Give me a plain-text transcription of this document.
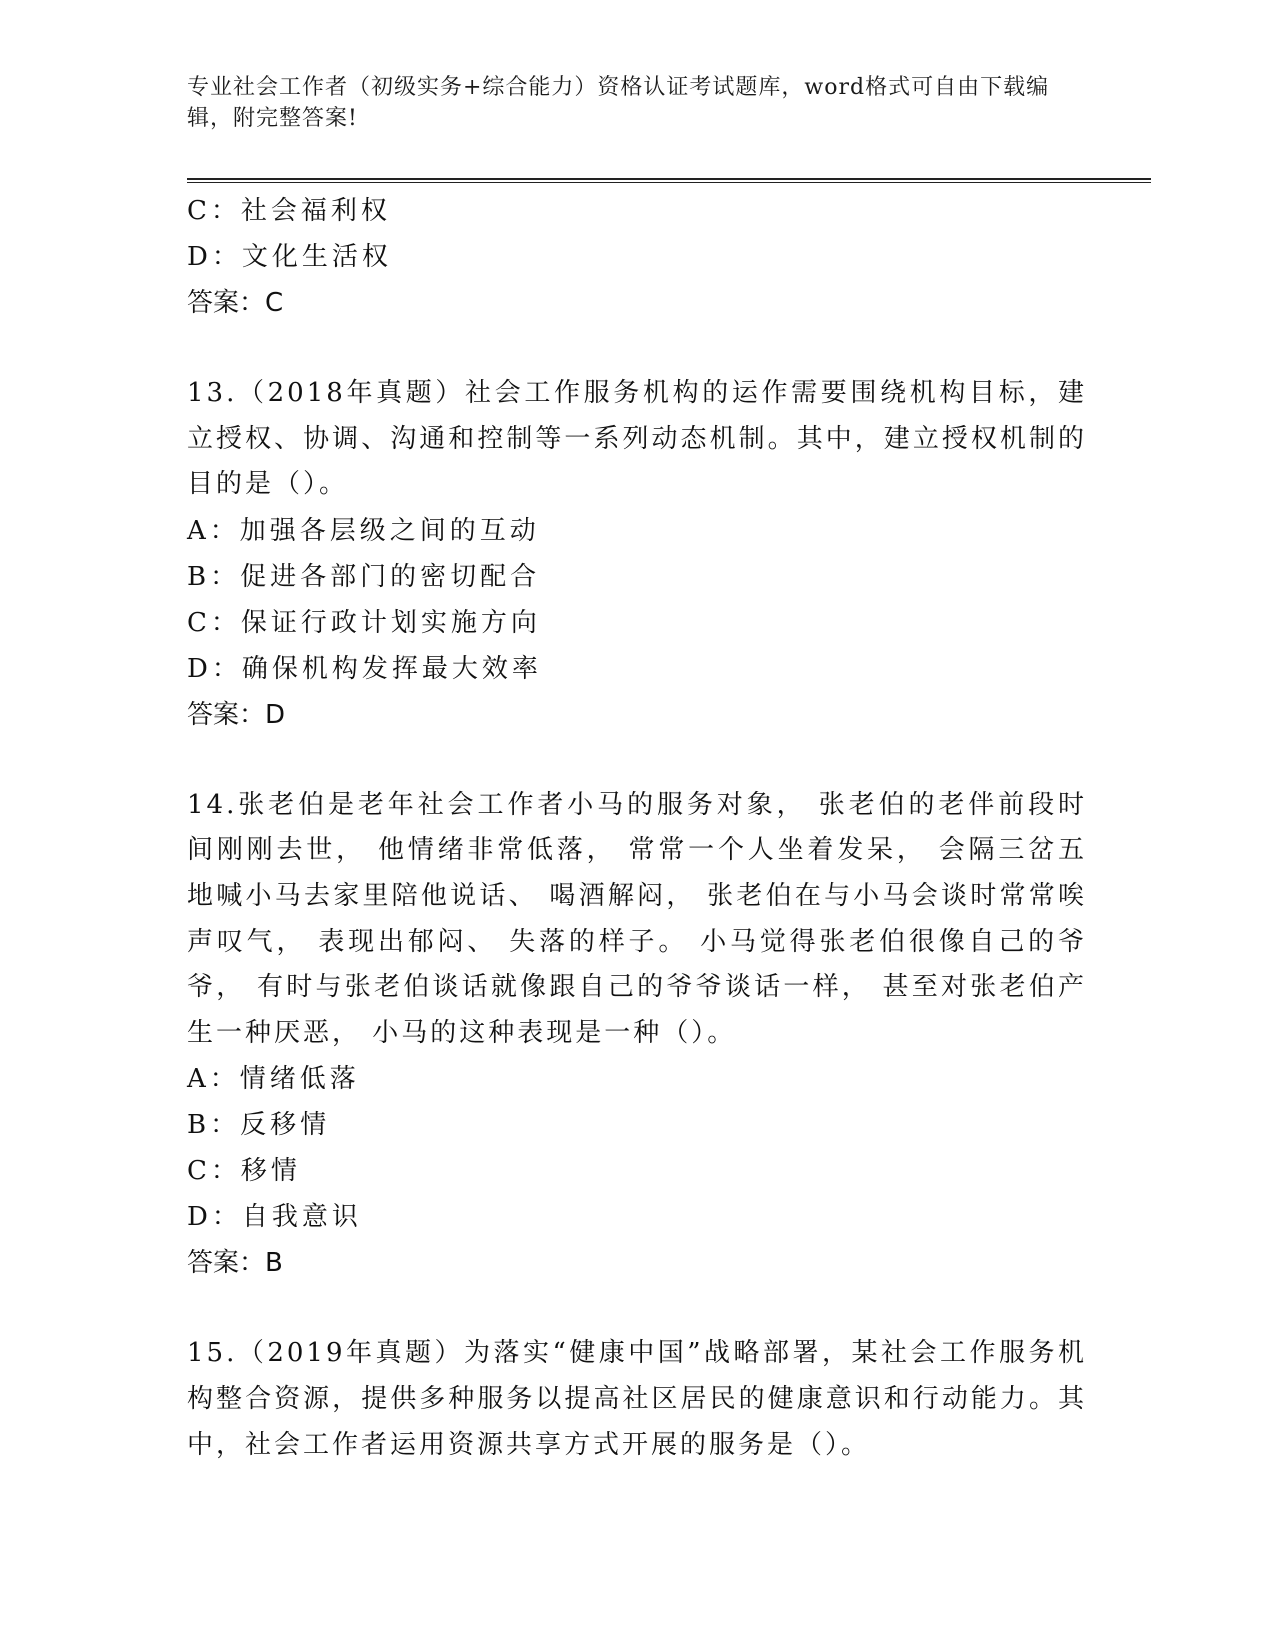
专业社会工作者（初级实务+综合能力）资格认证考试题库，word格式可自由下载编辑，附完整答案!
C：社会福利权
D：文化生活权
答案：C
13.（2018年真题）社会工作服务机构的运作需要围绕机构目标，建立授权、协调、沟通和控制等一系列动态机制。其中，建立授权机制的目的是（）。
A：加强各层级之间的互动
B：促进各部门的密切配合
C：保证行政计划实施方向
D：确保机构发挥最大效率
答案：D
14.张老伯是老年社会工作者小马的服务对象， 张老伯的老伴前段时间刚刚去世， 他情绪非常低落， 常常一个人坐着发呆， 会隔三岔五地喊小马去家里陪他说话、 喝酒解闷， 张老伯在与小马会谈时常常唉声叹气， 表现出郁闷、 失落的样子。 小马觉得张老伯很像自己的爷爷， 有时与张老伯谈话就像跟自己的爷爷谈话一样， 甚至对张老伯产生一种厌恶， 小马的这种表现是一种（）。
A：情绪低落
B：反移情
C：移情
D：自我意识
答案：B
15.（2019年真题）为落实“健康中国”战略部署，某社会工作服务机构整合资源，提供多种服务以提高社区居民的健康意识和行动能力。其中，社会工作者运用资源共享方式开展的服务是（）。
